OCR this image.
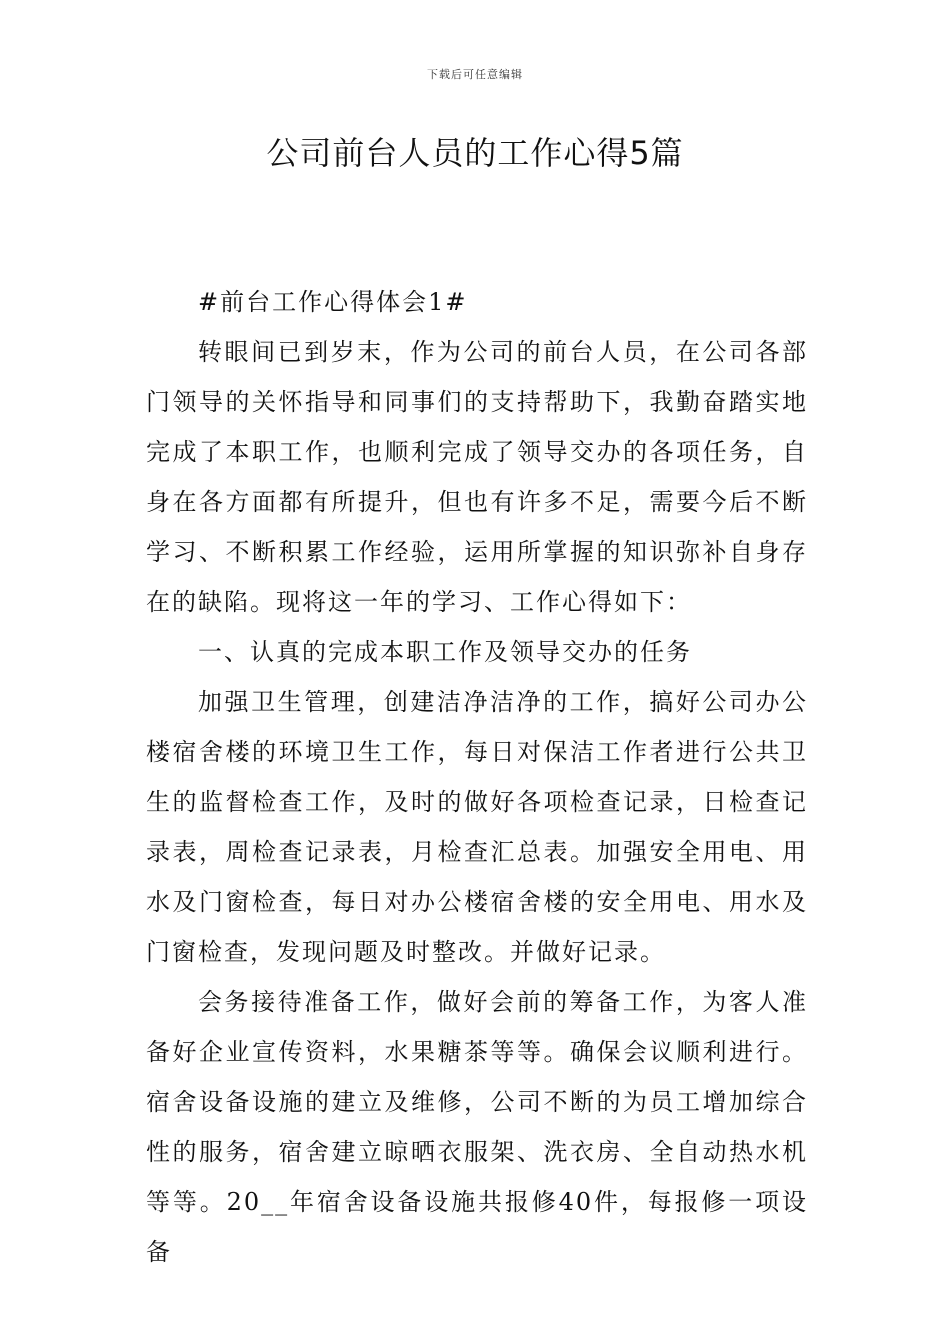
下载后可任意编辑
公司前台人员的工作心得5篇

#前台工作心得体会1#

转眼间已到岁末，作为公司的前台人员，在公司各部门领导的关怀指导和同事们的支持帮助下，我勤奋踏实地完成了本职工作，也顺利完成了领导交办的各项任务，自身在各方面都有所提升，但也有许多不足，需要今后不断学习、不断积累工作经验，运用所掌握的知识弥补自身存在的缺陷。现将这一年的学习、工作心得如下：

一、认真的完成本职工作及领导交办的任务

加强卫生管理，创建洁净洁净的工作，搞好公司办公楼宿舍楼的环境卫生工作，每日对保洁工作者进行公共卫生的监督检查工作，及时的做好各项检查记录，日检查记录表，周检查记录表，月检查汇总表。加强安全用电、用水及门窗检查，每日对办公楼宿舍楼的安全用电、用水及门窗检查，发现问题及时整改。并做好记录。

会务接待准备工作，做好会前的筹备工作，为客人准备好企业宣传资料，水果糖茶等等。确保会议顺利进行。宿舍设备设施的建立及维修，公司不断的为员工增加综合性的服务，宿舍建立晾晒衣服架、洗衣房、全自动热水机等等。20__年宿舍设备设施共报修40件，每报修一项设备
